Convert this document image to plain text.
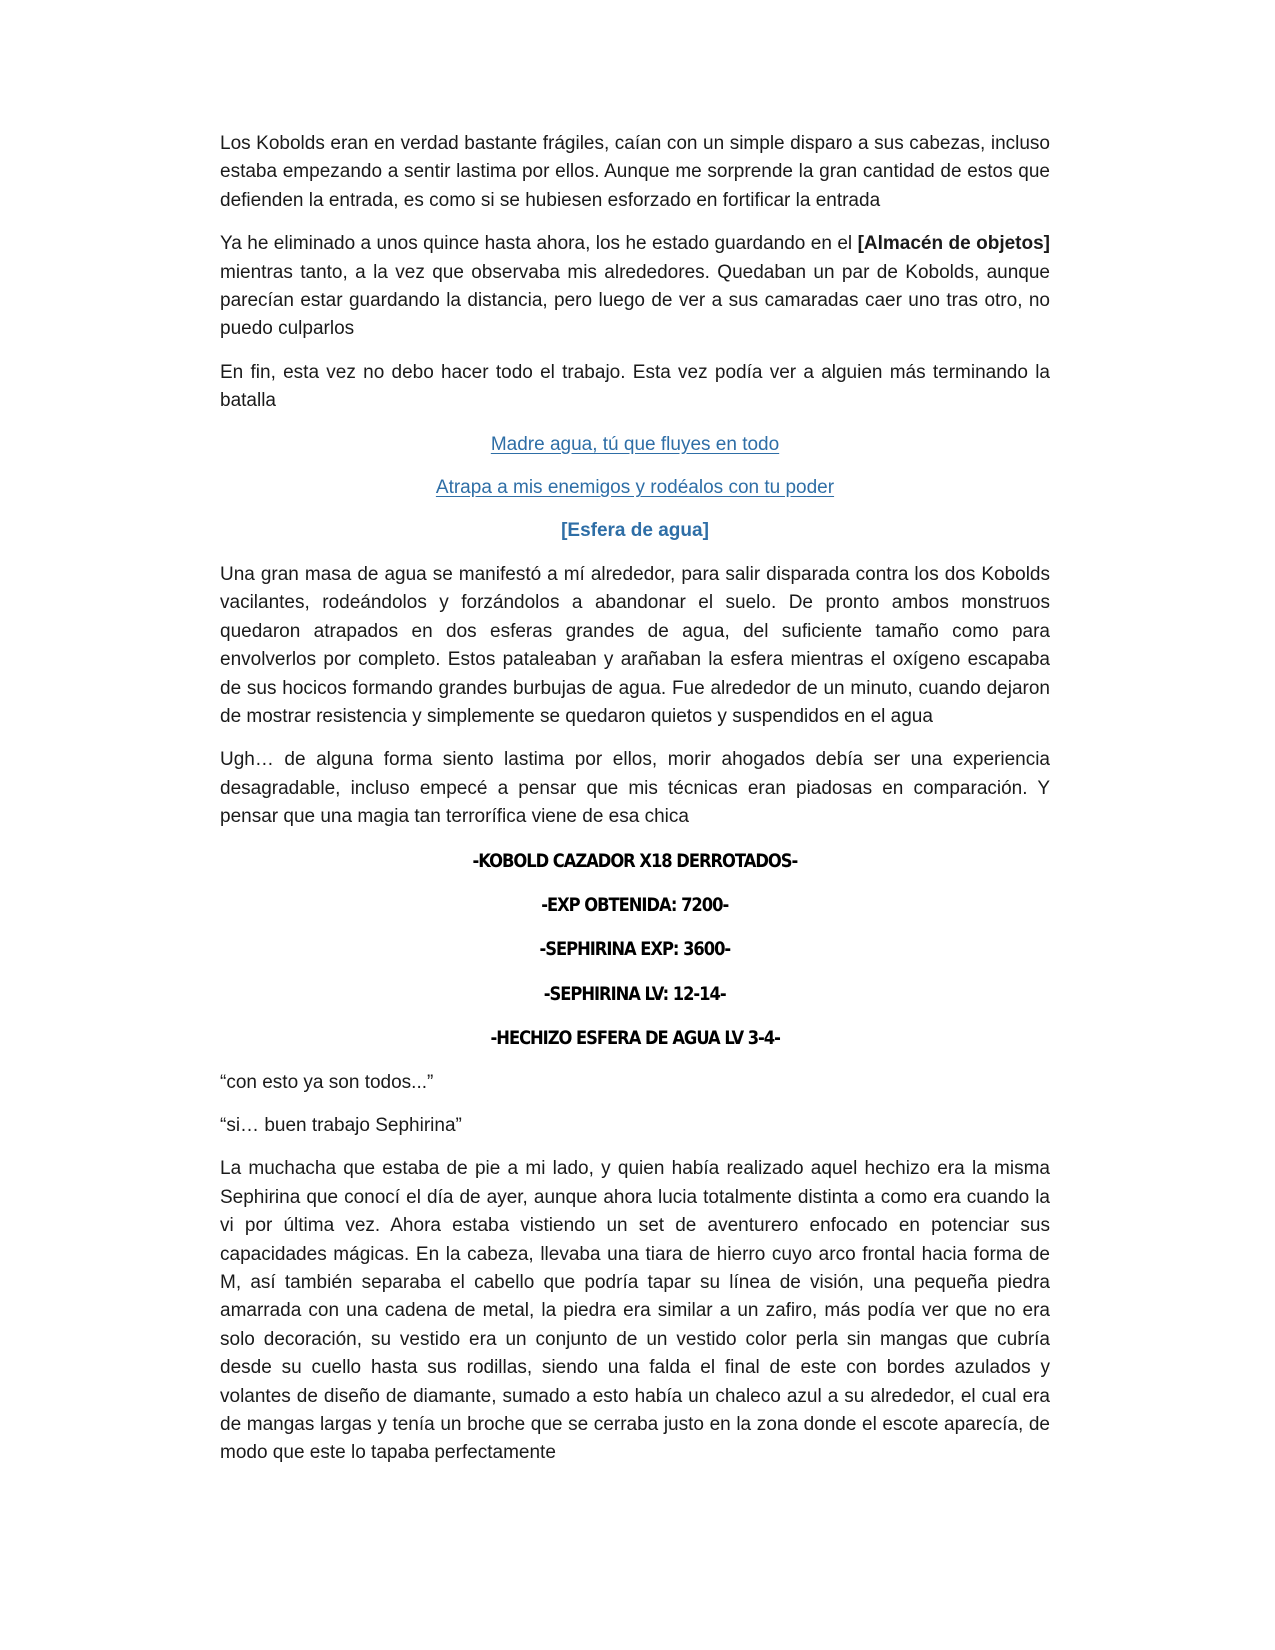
Los Kobolds eran en verdad bastante frágiles, caían con un simple disparo a sus cabezas, incluso estaba empezando a sentir lastima por ellos. Aunque me sorprende la gran cantidad de estos que defienden la entrada, es como si se hubiesen esforzado en fortificar la entrada

Ya he eliminado a unos quince hasta ahora, los he estado guardando en el [Almacén de objetos] mientras tanto, a la vez que observaba mis alrededores. Quedaban un par de Kobolds, aunque parecían estar guardando la distancia, pero luego de ver a sus camaradas caer uno tras otro, no puedo culparlos

En fin, esta vez no debo hacer todo el trabajo. Esta vez podía ver a alguien más terminando la batalla

Madre agua, tú que fluyes en todo

Atrapa a mis enemigos y rodéalos con tu poder

[Esfera de agua]

Una gran masa de agua se manifestó a mí alrededor, para salir disparada contra los dos Kobolds vacilantes, rodeándolos y forzándolos a abandonar el suelo. De pronto ambos monstruos quedaron atrapados en dos esferas grandes de agua, del suficiente tamaño como para envolverlos por completo. Estos pataleaban y arañaban la esfera mientras el oxígeno escapaba de sus hocicos formando grandes burbujas de agua. Fue alrededor de un minuto, cuando dejaron de mostrar resistencia y simplemente se quedaron quietos y suspendidos en el agua

Ugh… de alguna forma siento lastima por ellos, morir ahogados debía ser una experiencia desagradable, incluso empecé a pensar que mis técnicas eran piadosas en comparación. Y pensar que una magia tan terrorífica viene de esa chica

-KOBOLD CAZADOR X18 DERROTADOS-

-EXP OBTENIDA: 7200-

-SEPHIRINA EXP: 3600-

-SEPHIRINA LV: 12-14-

-HECHIZO ESFERA DE AGUA LV 3-4-

“con esto ya son todos...”

“si… buen trabajo Sephirina”

La muchacha que estaba de pie a mi lado, y quien había realizado aquel hechizo era la misma Sephirina que conocí el día de ayer, aunque ahora lucia totalmente distinta a como era cuando la vi por última vez. Ahora estaba vistiendo un set de aventurero enfocado en potenciar sus capacidades mágicas. En la cabeza, llevaba una tiara de hierro cuyo arco frontal hacia forma de M, así también separaba el cabello que podría tapar su línea de visión, una pequeña piedra amarrada con una cadena de metal, la piedra era similar a un zafiro, más podía ver que no era solo decoración, su vestido era un conjunto de un vestido color perla sin mangas que cubría desde su cuello hasta sus rodillas, siendo una falda el final de este con bordes azulados y volantes de diseño de diamante, sumado a esto había un chaleco azul a su alrededor, el cual era de mangas largas y tenía un broche que se cerraba justo en la zona donde el escote aparecía, de modo que este lo tapaba perfectamente
